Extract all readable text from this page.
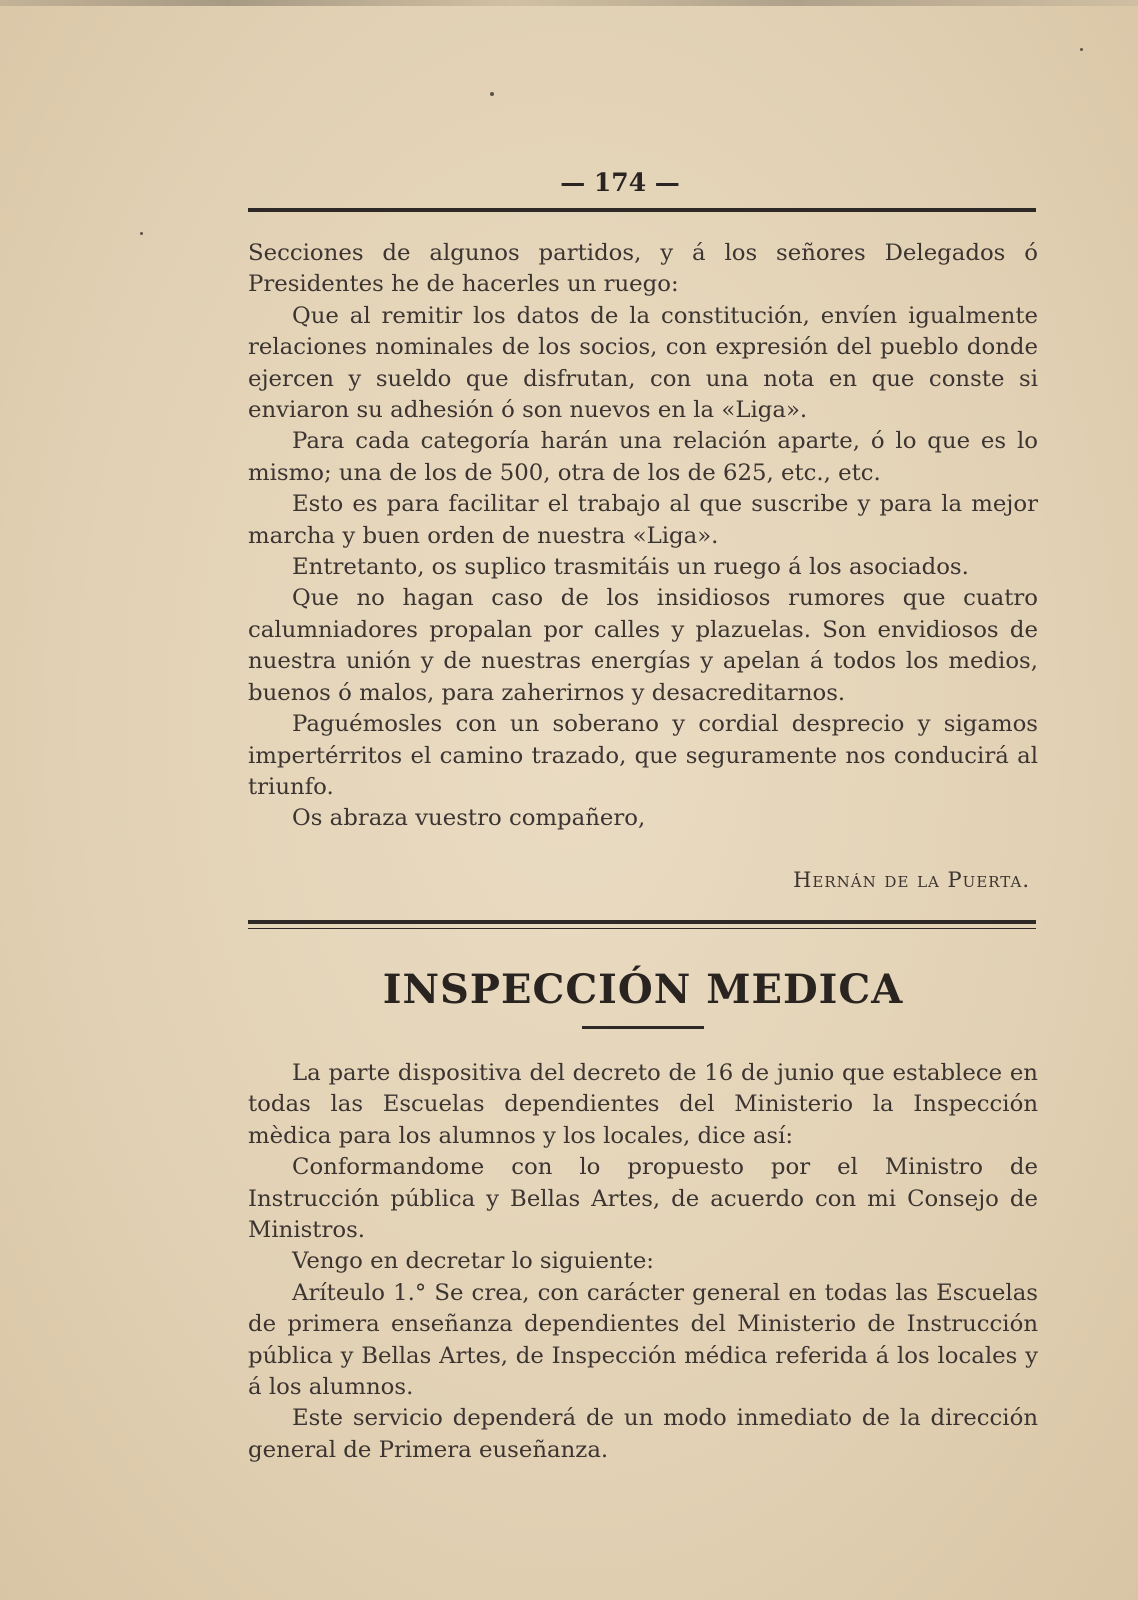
— 174 —

Secciones de algunos partidos, y á los señores Delegados ó Presidentes he de hacerles un ruego:

Que al remitir los datos de la constitución, envíen igualmente relaciones nominales de los socios, con expresión del pueblo donde ejercen y sueldo que disfrutan, con una nota en que conste si enviaron su adhesión ó son nuevos en la «Liga».

Para cada categoría harán una relación aparte, ó lo que es lo mismo; una de los de 500, otra de los de 625, etc., etc.

Esto es para facilitar el trabajo al que suscribe y para la mejor marcha y buen orden de nuestra «Liga».

Entretanto, os suplico trasmitáis un ruego á los asociados.

Que no hagan caso de los insidiosos rumores que cuatro calumniadores propalan por calles y plazuelas. Son envidiosos de nuestra unión y de nuestras energías y apelan á todos los medios, buenos ó malos, para zaherirnos y desacreditarnos.

Paguémosles con un soberano y cordial desprecio y sigamos impertérritos el camino trazado, que seguramente nos conducirá al triunfo.

Os abraza vuestro compañero,

Hernán de la Puerta.
INSPECCIÓN MEDICA

La parte dispositiva del decreto de 16 de junio que establece en todas las Escuelas dependientes del Ministerio la Inspección mèdica para los alumnos y los locales, dice así:

Conformandome con lo propuesto por el Ministro de Instrucción pública y Bellas Artes, de acuerdo con mi Consejo de Ministros.

Vengo en decretar lo siguiente:

Aríteulo 1.° Se crea, con carácter general en todas las Escuelas de primera enseñanza dependientes del Ministerio de Instrucción pública y Bellas Artes, de Inspección médica referida á los locales y á los alumnos.

Este servicio dependerá de un modo inmediato de la dirección general de Primera euseñanza.
